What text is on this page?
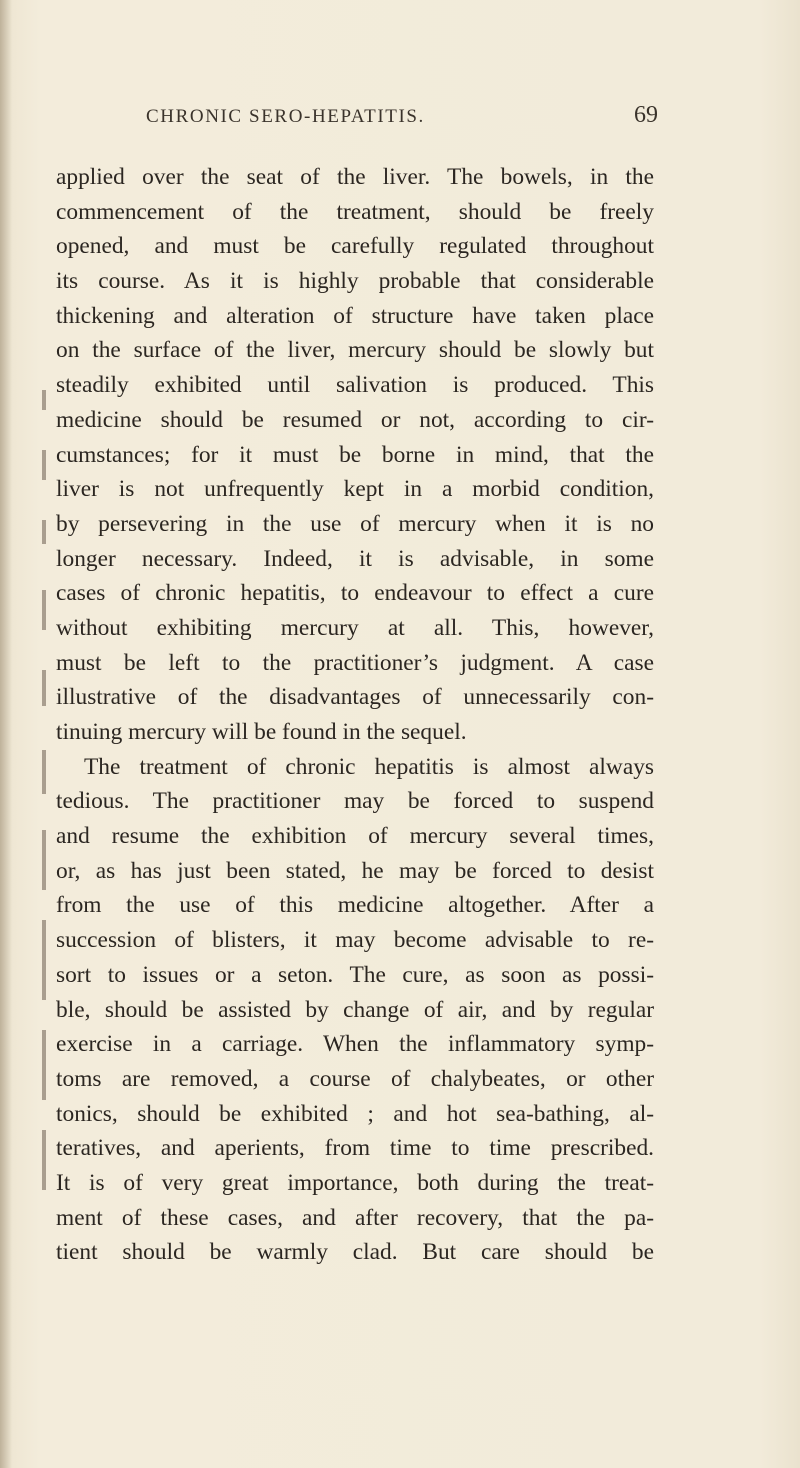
CHRONIC SERO-HEPATITIS.	69
applied over the seat of the liver. The bowels, in the
commencement of the treatment, should be freely
opened, and must be carefully regulated throughout
its course. As it is highly probable that considerable
thickening and alteration of structure have taken place
on the surface of the liver, mercury should be slowly but
steadily exhibited until salivation is produced. This
medicine should be resumed or not, according to cir-
cumstances; for it must be borne in mind, that the
liver is not unfrequently kept in a morbid condition,
by persevering in the use of mercury when it is no
longer necessary. Indeed, it is advisable, in some
cases of chronic hepatitis, to endeavour to effect a cure
without exhibiting mercury at all. This, however,
must be left to the practitioner’s judgment. A case
illustrative of the disadvantages of unnecessarily con-
tinuing mercury will be found in the sequel.
The treatment of chronic hepatitis is almost always
tedious. The practitioner may be forced to suspend
and resume the exhibition of mercury several times,
or, as has just been stated, he may be forced to desist
from the use of this medicine altogether. After a
succession of blisters, it may become advisable to re-
sort to issues or a seton. The cure, as soon as possi-
ble, should be assisted by change of air, and by regular
exercise in a carriage. When the inflammatory symp-
toms are removed, a course of chalybeates, or other
tonics, should be exhibited ; and hot sea-bathing, al-
teratives, and aperients, from time to time prescribed.
It is of very great importance, both during the treat-
ment of these cases, and after recovery, that the pa-
tient should be warmly clad. But care should be
